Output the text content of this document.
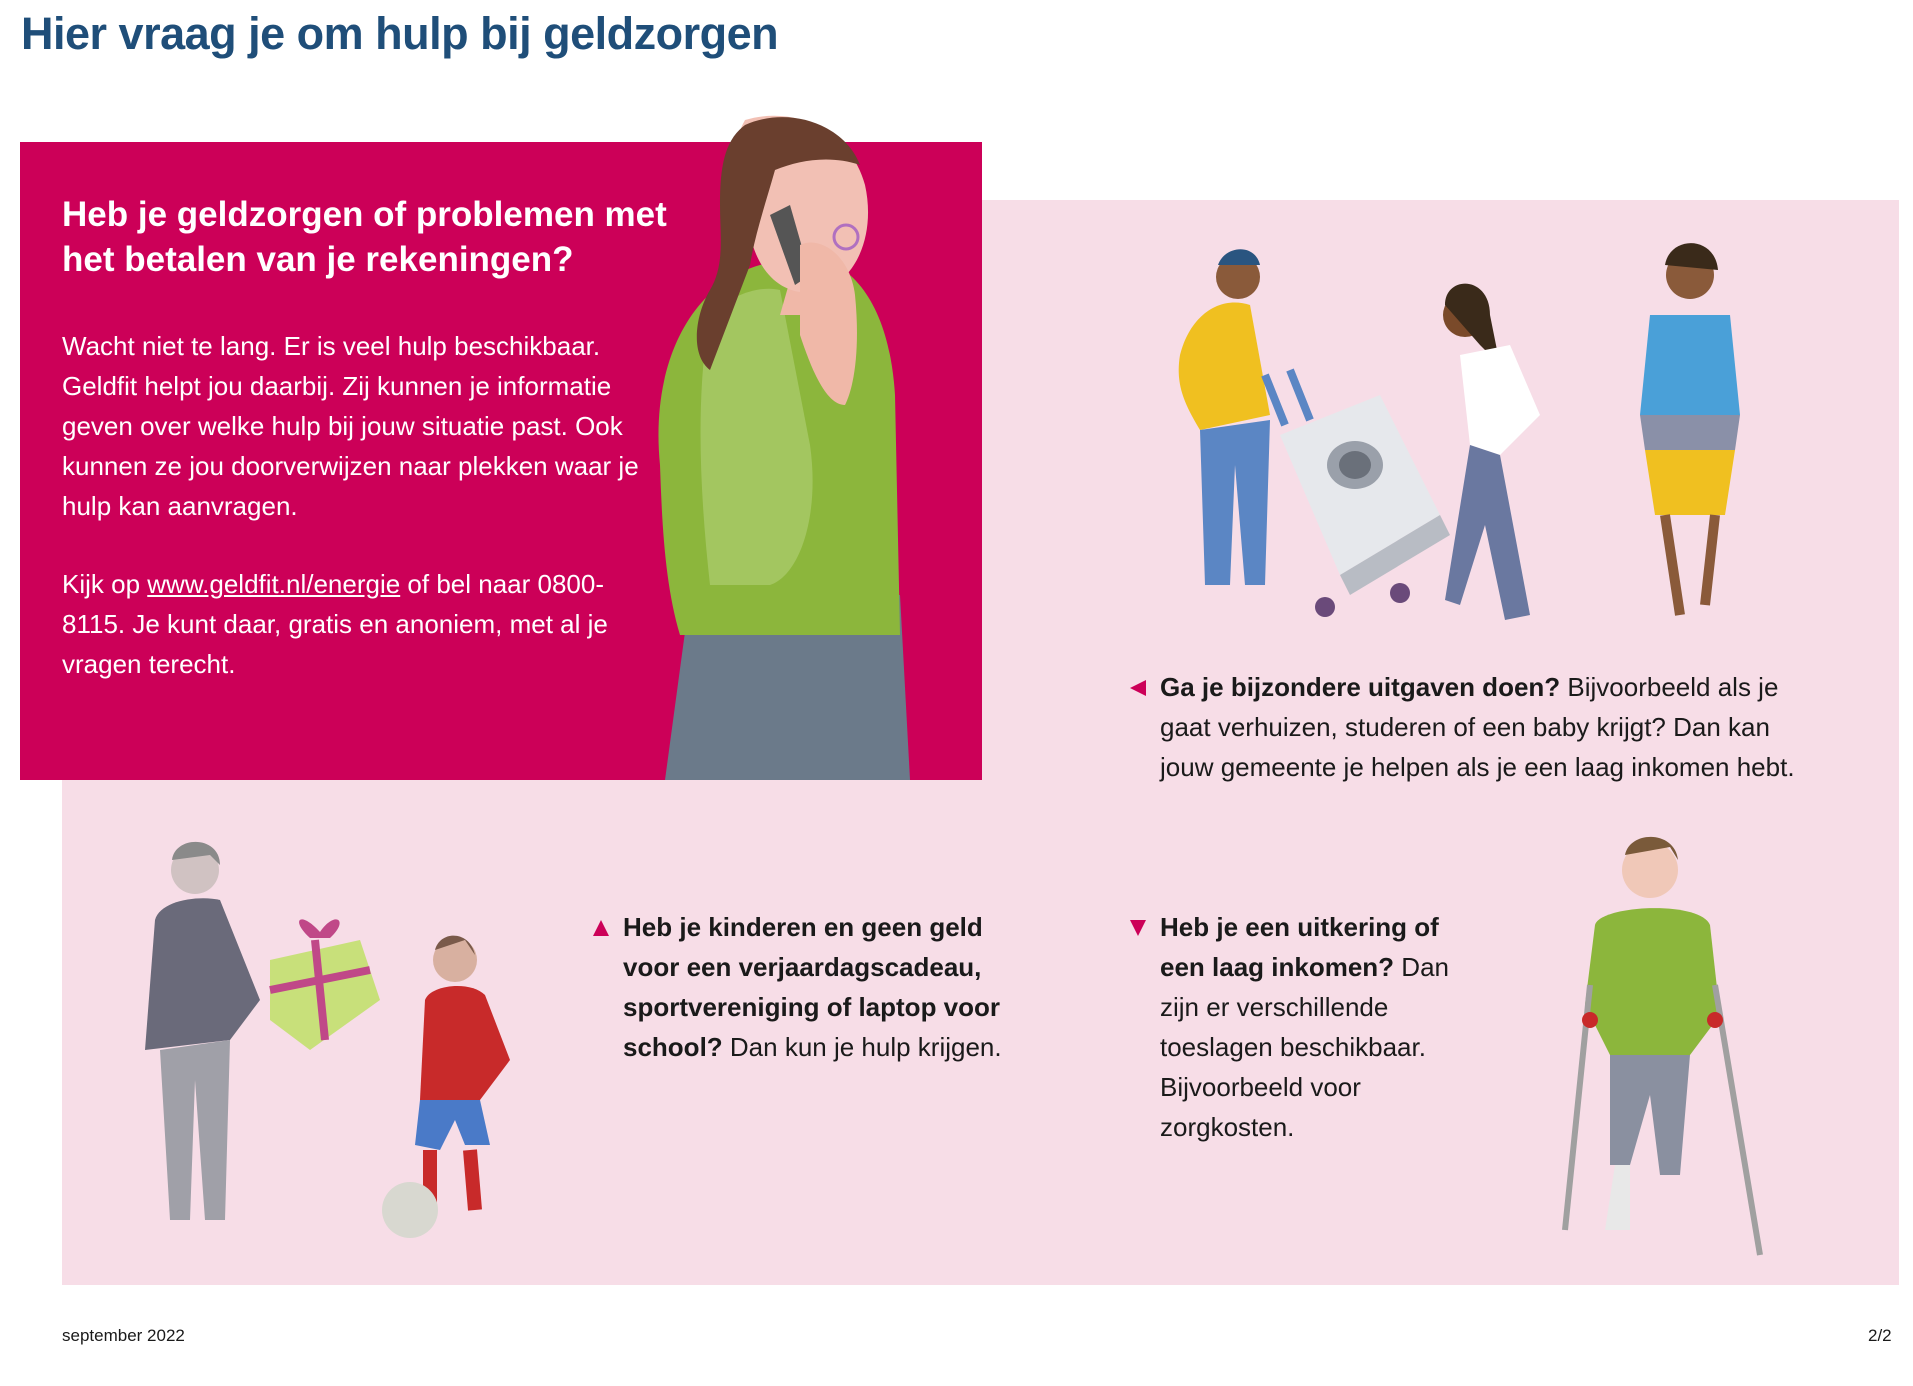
Hier vraag je om hulp bij geldzorgen
Heb je geldzorgen of problemen met het betalen van je rekeningen?

Wacht niet te lang. Er is veel hulp beschikbaar. Geldfit helpt jou daarbij. Zij kunnen je informatie geven over welke hulp bij jouw situatie past. Ook kunnen ze jou doorverwijzen naar plekken waar je hulp kan aanvragen.

Kijk op www.geldfit.nl/energie of bel naar 0800-8115. Je kunt daar, gratis en anoniem, met al je vragen terecht.

Ga je bijzondere uitgaven doen? Bijvoorbeeld als je gaat verhuizen, studeren of een baby krijgt? Dan kan jouw gemeente je helpen als je een laag inkomen hebt.

Heb je kinderen en geen geld voor een verjaardagscadeau, sportvereniging of laptop voor school? Dan kun je hulp krijgen.

Heb je een uitkering of een laag inkomen? Dan zijn er verschillende toeslagen beschikbaar. Bijvoorbeeld voor zorgkosten.

september 2022	2/2
